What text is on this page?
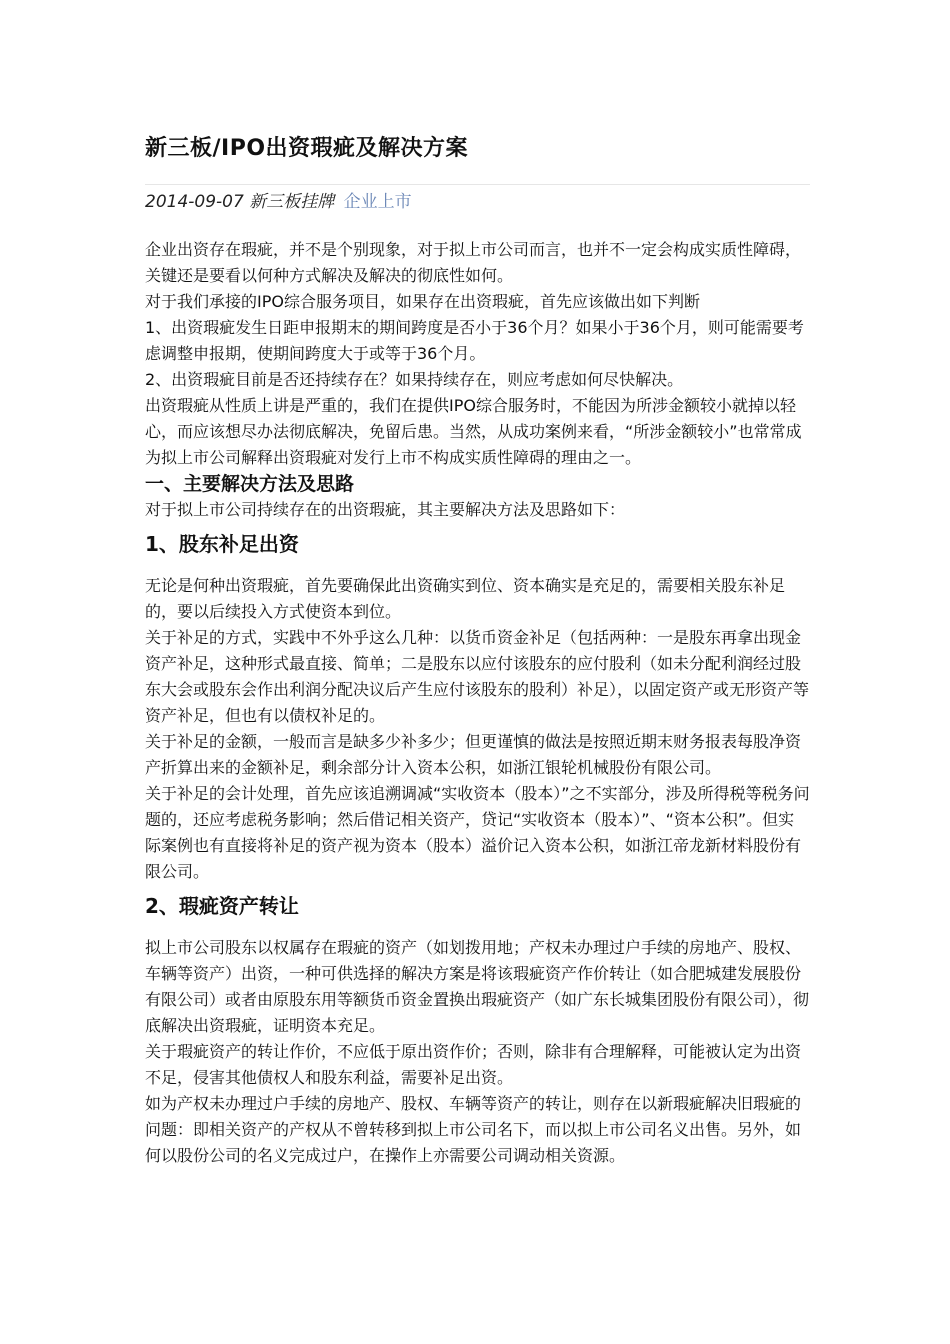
新三板/IPO出资瑕疵及解决方案
2014-09-07 新三板挂牌 企业上市

企业出资存在瑕疵，并不是个别现象，对于拟上市公司而言，也并不一定会构成实质性障碍，关键还是要看以何种方式解决及解决的彻底性如何。

对于我们承接的IPO综合服务项目，如果存在出资瑕疵，首先应该做出如下判断

1、出资瑕疵发生日距申报期末的期间跨度是否小于36个月？如果小于36个月，则可能需要考虑调整申报期，使期间跨度大于或等于36个月。

2、出资瑕疵目前是否还持续存在？如果持续存在，则应考虑如何尽快解决。

出资瑕疵从性质上讲是严重的，我们在提供IPO综合服务时，不能因为所涉金额较小就掉以轻心，而应该想尽办法彻底解决，免留后患。当然，从成功案例来看，“所涉金额较小”也常常成为拟上市公司解释出资瑕疵对发行上市不构成实质性障碍的理由之一。

一、主要解决方法及思路

对于拟上市公司持续存在的出资瑕疵，其主要解决方法及思路如下：

1、股东补足出资

无论是何种出资瑕疵，首先要确保此出资确实到位、资本确实是充足的，需要相关股东补足的，要以后续投入方式使资本到位。

关于补足的方式，实践中不外乎这么几种：以货币资金补足（包括两种：一是股东再拿出现金资产补足，这种形式最直接、简单；二是股东以应付该股东的应付股利（如未分配利润经过股东大会或股东会作出利润分配决议后产生应付该股东的股利）补足），以固定资产或无形资产等资产补足，但也有以债权补足的。

关于补足的金额，一般而言是缺多少补多少；但更谨慎的做法是按照近期末财务报表每股净资产折算出来的金额补足，剩余部分计入资本公积，如浙江银轮机械股份有限公司。

关于补足的会计处理，首先应该追溯调减“实收资本（股本）”之不实部分，涉及所得税等税务问题的，还应考虑税务影响；然后借记相关资产，贷记“实收资本（股本）”、“资本公积”。但实际案例也有直接将补足的资产视为资本（股本）溢价记入资本公积，如浙江帝龙新材料股份有限公司。

2、瑕疵资产转让

拟上市公司股东以权属存在瑕疵的资产（如划拨用地；产权未办理过户手续的房地产、股权、车辆等资产）出资，一种可供选择的解决方案是将该瑕疵资产作价转让（如合肥城建发展股份有限公司）或者由原股东用等额货币资金置换出瑕疵资产（如广东长城集团股份有限公司），彻底解决出资瑕疵，证明资本充足。

关于瑕疵资产的转让作价，不应低于原出资作价；否则，除非有合理解释，可能被认定为出资不足，侵害其他债权人和股东利益，需要补足出资。

如为产权未办理过户手续的房地产、股权、车辆等资产的转让，则存在以新瑕疵解决旧瑕疵的问题：即相关资产的产权从不曾转移到拟上市公司名下，而以拟上市公司名义出售。另外，如何以股份公司的名义完成过户，在操作上亦需要公司调动相关资源。
